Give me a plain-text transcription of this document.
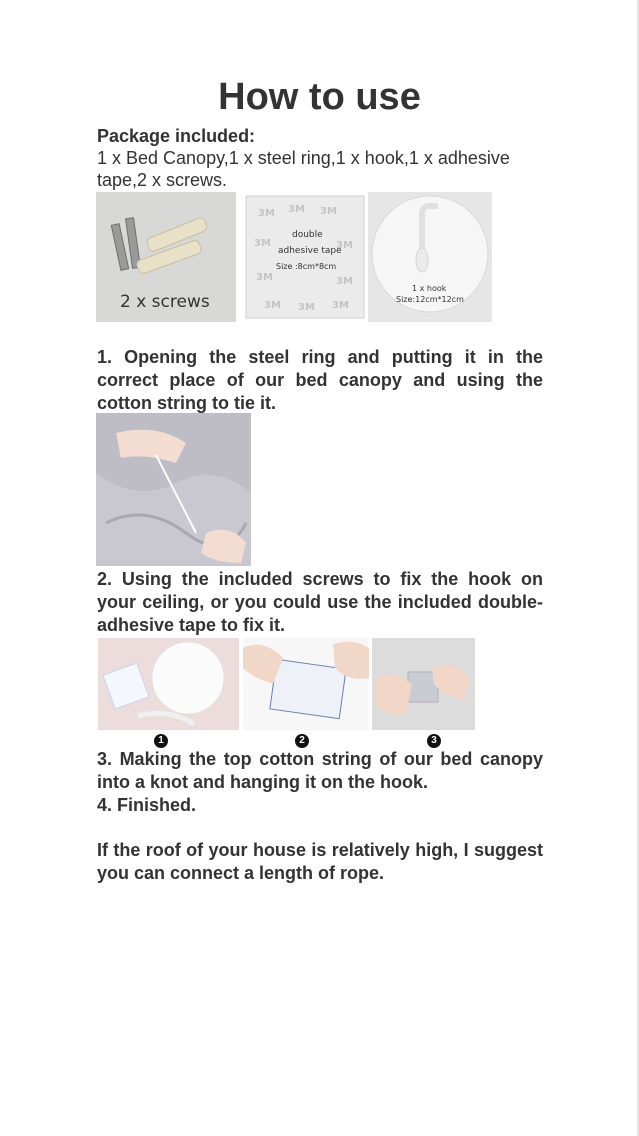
How to use
Package included:
1 x Bed Canopy,1 x steel ring,1 x hook,1 x adhesive tape,2 x screws.
2 x screws
3M 3M 3M
3M	3M
3M	3M
3M 3M 3M
double
adhesive tape
Size :8cm*8cm
1 x hook
Size:12cm*12cm
1. Opening the steel ring and putting it in the correct place of our bed canopy and using the cotton string to tie it.
2. Using the included screws to fix the hook on your ceiling, or you could use the included double-adhesive tape to fix it.
1	2	3
3. Making the top cotton string of our bed canopy into a knot and hanging it on the hook.
4. Finished.
If the roof of your house is relatively high, I suggest you can connect a length of rope.
